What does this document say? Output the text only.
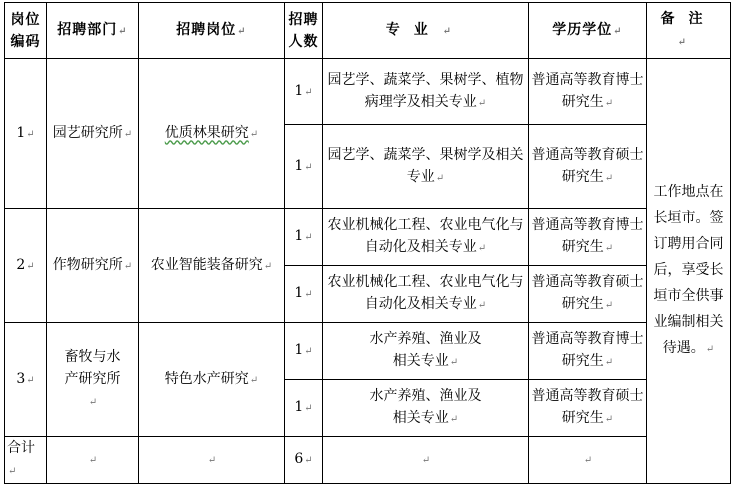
岗位编码	招聘部门↵	招聘岗位↵	招聘人数	专业↵	学历学位↵	备注↵	
1↵	园艺研究所↵	优质林果研究↵	1↵	园艺学、蔬菜学、果树学、植物病理学及相关专业↵	普通高等教育博士研究生↵	工作地点在长垣市。签订聘用合同后，享受长垣市全供事业编制相关待遇。↵	
			1↵	园艺学、蔬菜学、果树学及相关专业↵	普通高等教育硕士研究生↵		
2↵	作物研究所↵	农业智能装备研究↵	1↵	农业机械化工程、农业电气化与自动化及相关专业↵	普通高等教育博士研究生↵		
			1↵	农业机械化工程、农业电气化与自动化及相关专业↵	普通高等教育硕士研究生↵		
3↵	畜牧与水产研究所↵	特色水产研究↵	1↵	水产养殖、渔业及相关专业↵	普通高等教育博士研究生↵		
			1↵	水产养殖、渔业及相关专业↵	普通高等教育硕士研究生↵		
合计↵	↵	↵	6↵	↵	↵	
